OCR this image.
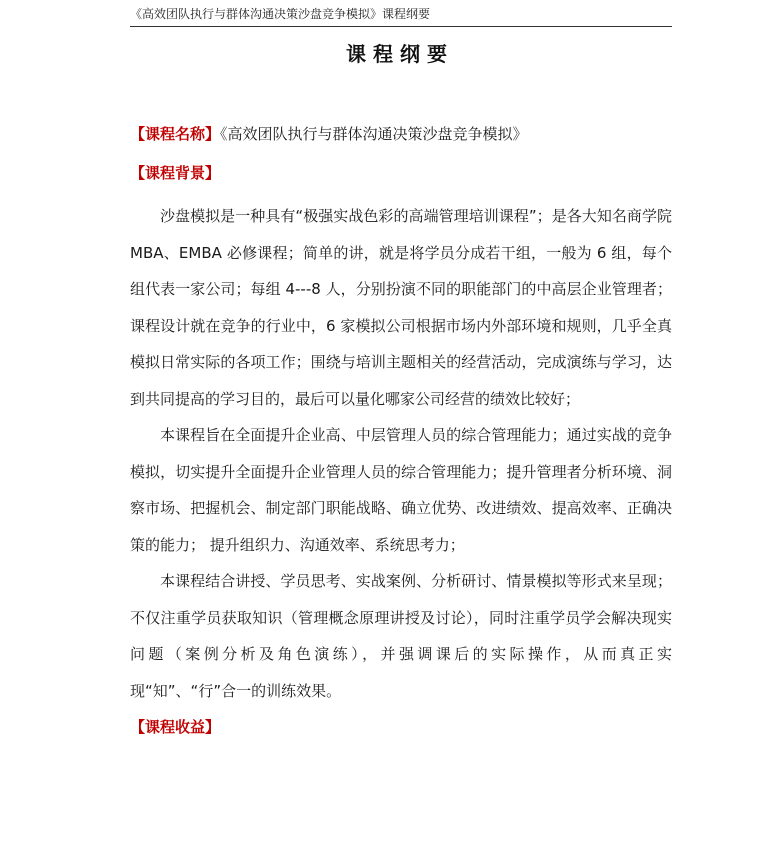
《高效团队执行与群体沟通决策沙盘竞争模拟》课程纲要
课程纲要
【课程名称】《高效团队执行与群体沟通决策沙盘竞争模拟》
【课程背景】

沙盘模拟是一种具有“极强实战色彩的高端管理培训课程”；是各大知名商学院 MBA、EMBA 必修课程；简单的讲，就是将学员分成若干组，一般为 6 组，每个组代表一家公司；每组 4---8 人，分别扮演不同的职能部门的中高层企业管理者；课程设计就在竞争的行业中，6 家模拟公司根据市场内外部环境和规则，几乎全真模拟日常实际的各项工作；围绕与培训主题相关的经营活动，完成演练与学习，达到共同提高的学习目的，最后可以量化哪家公司经营的绩效比较好；

本课程旨在全面提升企业高、中层管理人员的综合管理能力；通过实战的竞争模拟，切实提升全面提升企业管理人员的综合管理能力；提升管理者分析环境、洞察市场、把握机会、制定部门职能战略、确立优势、改进绩效、提高效率、正确决策的能力； 提升组织力、沟通效率、系统思考力；

本课程结合讲授、学员思考、实战案例、分析研讨、情景模拟等形式来呈现；不仅注重学员获取知识（管理概念原理讲授及讨论），同时注重学员学会解决现实问题（案例分析及角色演练），并强调课后的实际操作，从而真正实现“知”、“行”合一的训练效果。

【课程收益】
